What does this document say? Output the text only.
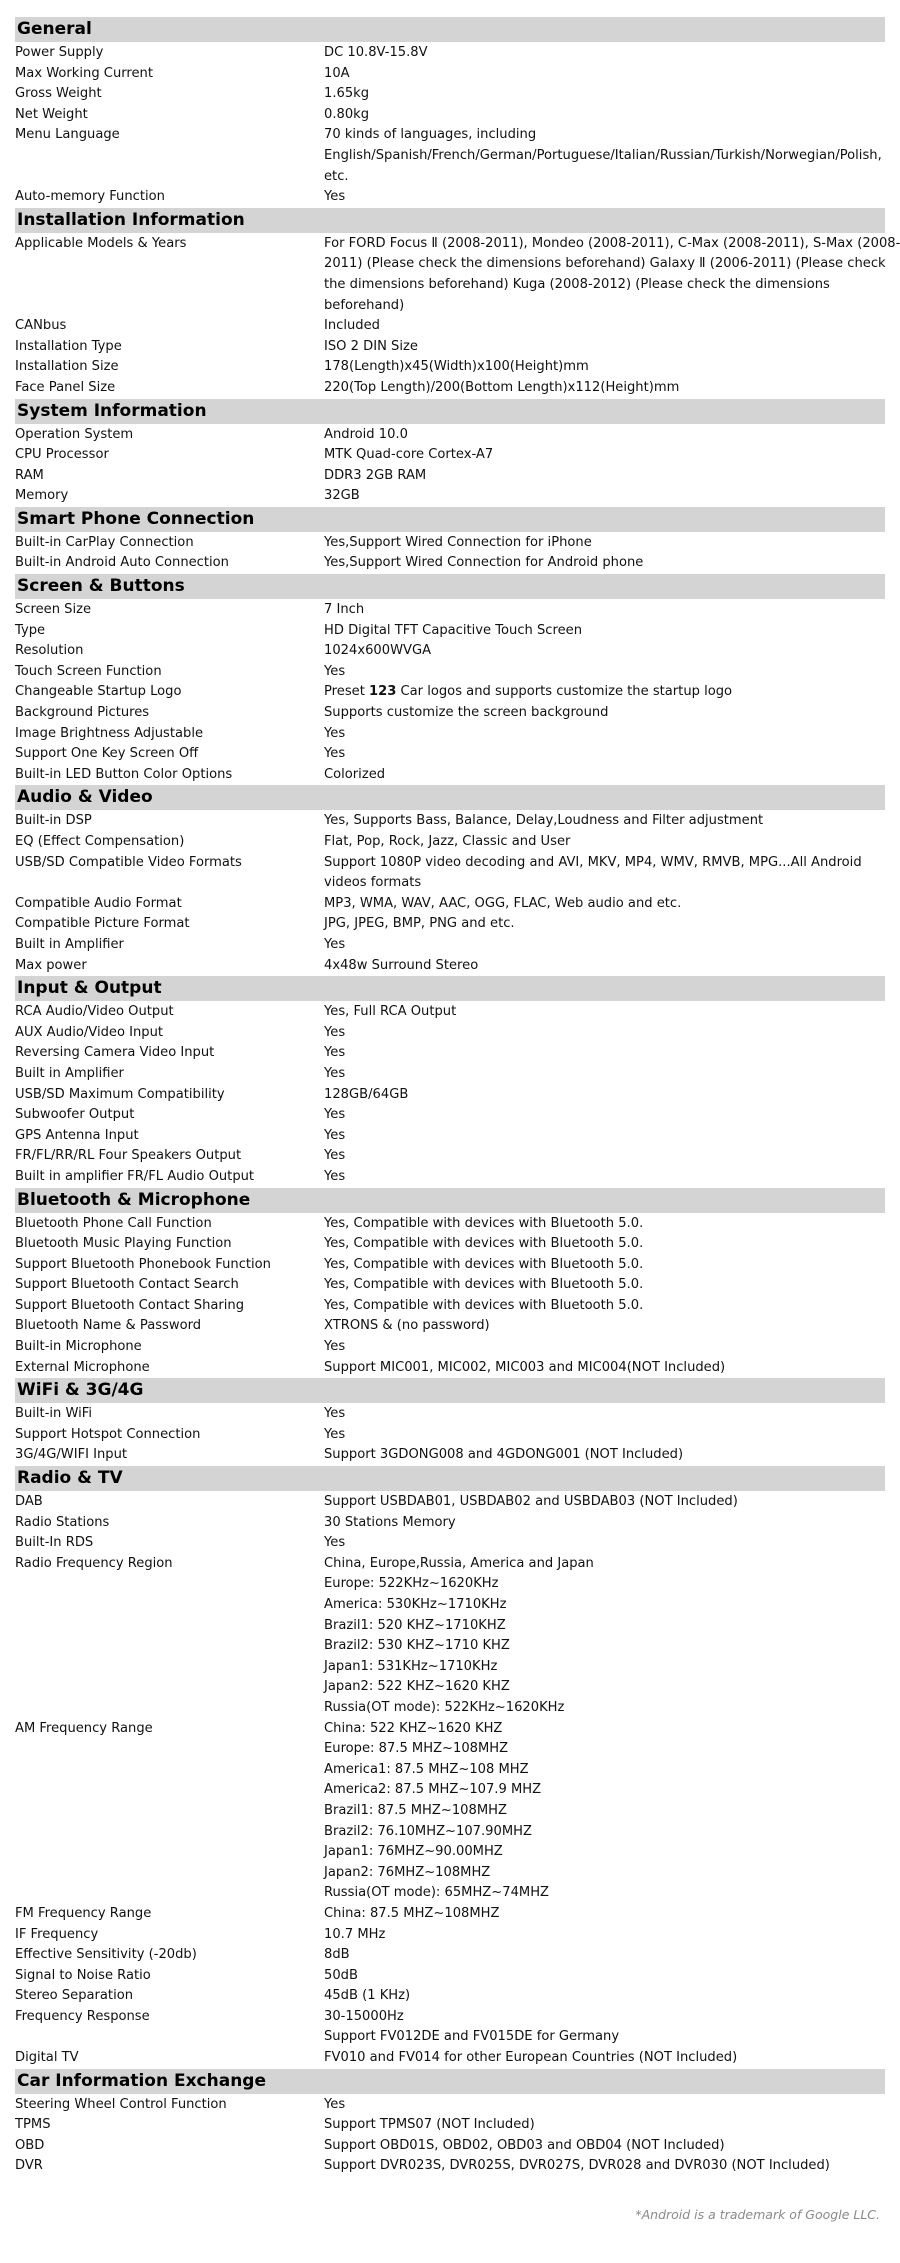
General
Power Supply	DC 10.8V-15.8V
Max Working Current	10A
Gross Weight	1.65kg
Net Weight	0.80kg
Menu Language	70 kinds of languages, including
English/Spanish/French/German/Portuguese/Italian/Russian/Turkish/Norwegian/Polish,
etc.
Auto-memory Function	Yes
Installation Information
Applicable Models & Years	For FORD Focus Ⅱ (2008-2011), Mondeo (2008-2011), C-Max (2008-2011), S-Max (2008-
2011) (Please check the dimensions beforehand) Galaxy Ⅱ (2006-2011) (Please check
the dimensions beforehand) Kuga (2008-2012) (Please check the dimensions
beforehand)
CANbus	Included
Installation Type	ISO 2 DIN Size
Installation Size	178(Length)x45(Width)x100(Height)mm
Face Panel Size	220(Top Length)/200(Bottom Length)x112(Height)mm
System Information
Operation System	Android 10.0
CPU Processor	MTK Quad-core Cortex-A7
RAM	DDR3 2GB RAM
Memory	32GB
Smart Phone Connection
Built-in CarPlay Connection	Yes,Support Wired Connection for iPhone
Built-in Android Auto Connection	Yes,Support Wired Connection for Android phone
Screen & Buttons
Screen Size	7 Inch
Type	HD Digital TFT Capacitive Touch Screen
Resolution	1024x600WVGA
Touch Screen Function	Yes
Changeable Startup Logo	Preset 123 Car logos and supports customize the startup logo
Background Pictures	Supports customize the screen background
Image Brightness Adjustable	Yes
Support One Key Screen Off	Yes
Built-in LED Button Color Options	Colorized
Audio & Video
Built-in DSP	Yes, Supports Bass, Balance, Delay,Loudness and Filter adjustment
EQ (Effect Compensation)	Flat, Pop, Rock, Jazz, Classic and User
USB/SD Compatible Video Formats	Support 1080P video decoding and AVI, MKV, MP4, WMV, RMVB, MPG...All Android
videos formats
Compatible Audio Format	MP3, WMA, WAV, AAC, OGG, FLAC, Web audio and etc.
Compatible Picture Format	JPG, JPEG, BMP, PNG and etc.
Built in Amplifier	Yes
Max power	4x48w Surround Stereo
Input & Output
RCA Audio/Video Output	Yes, Full RCA Output
AUX Audio/Video Input	Yes
Reversing Camera Video Input	Yes
Built in Amplifier	Yes
USB/SD Maximum Compatibility	128GB/64GB
Subwoofer Output	Yes
GPS Antenna Input	Yes
FR/FL/RR/RL Four Speakers Output	Yes
Built in amplifier FR/FL Audio Output	Yes
Bluetooth & Microphone
Bluetooth Phone Call Function	Yes, Compatible with devices with Bluetooth 5.0.
Bluetooth Music Playing Function	Yes, Compatible with devices with Bluetooth 5.0.
Support Bluetooth Phonebook Function	Yes, Compatible with devices with Bluetooth 5.0.
Support Bluetooth Contact Search	Yes, Compatible with devices with Bluetooth 5.0.
Support Bluetooth Contact Sharing	Yes, Compatible with devices with Bluetooth 5.0.
Bluetooth Name & Password	XTRONS & (no password)
Built-in Microphone	Yes
External Microphone	Support MIC001, MIC002, MIC003 and MIC004(NOT Included)
WiFi & 3G/4G
Built-in WiFi	Yes
Support Hotspot Connection	Yes
3G/4G/WIFI Input	Support 3GDONG008 and 4GDONG001 (NOT Included)
Radio & TV
DAB	Support USBDAB01, USBDAB02 and USBDAB03 (NOT Included)
Radio Stations	30 Stations Memory
Built-In RDS	Yes
Radio Frequency Region	China, Europe,Russia, America and Japan
Europe: 522KHz~1620KHz
America: 530KHz~1710KHz
Brazil1: 520 KHZ~1710KHZ
Brazil2: 530 KHZ~1710 KHZ
Japan1: 531KHz~1710KHz
Japan2: 522 KHZ~1620 KHZ
Russia(OT mode): 522KHz~1620KHz
AM Frequency Range	China: 522 KHZ~1620 KHZ
Europe: 87.5 MHZ~108MHZ
America1: 87.5 MHZ~108 MHZ
America2: 87.5 MHZ~107.9 MHZ
Brazil1: 87.5 MHZ~108MHZ
Brazil2: 76.10MHZ~107.90MHZ
Japan1: 76MHZ~90.00MHZ
Japan2: 76MHZ~108MHZ
Russia(OT mode): 65MHZ~74MHZ
FM Frequency Range	China: 87.5 MHZ~108MHZ
IF Frequency	10.7 MHz
Effective Sensitivity (-20db)	8dB
Signal to Noise Ratio	50dB
Stereo Separation	45dB (1 KHz)
Frequency Response	30-15000Hz
Support FV012DE and FV015DE for Germany
Digital TV	FV010 and FV014 for other European Countries (NOT Included)
Car Information Exchange
Steering Wheel Control Function	Yes
TPMS	Support TPMS07 (NOT Included)
OBD	Support OBD01S, OBD02, OBD03 and OBD04 (NOT Included)
DVR	Support DVR023S, DVR025S, DVR027S, DVR028 and DVR030 (NOT Included)
*Android is a trademark of Google LLC.
